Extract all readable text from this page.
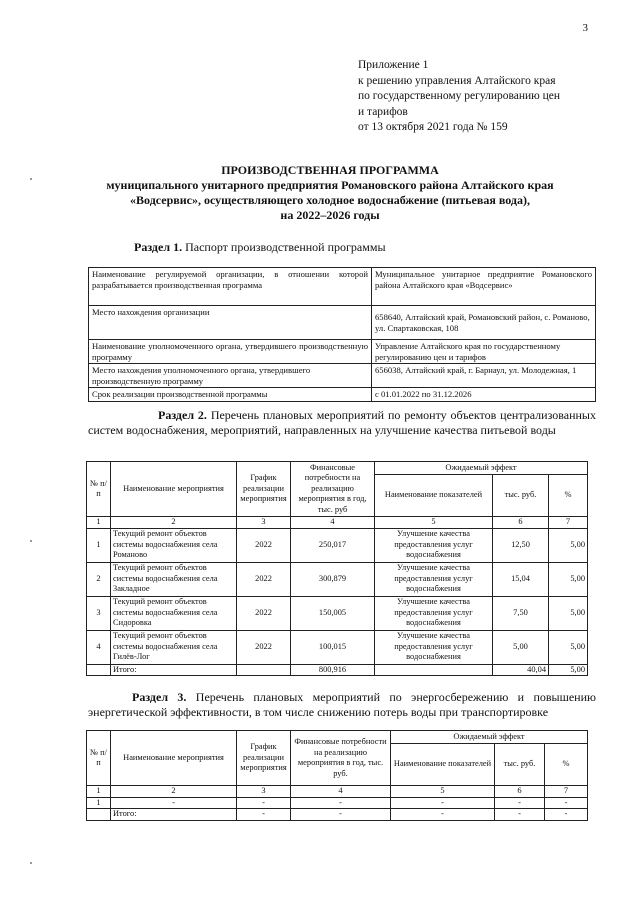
3
Приложение 1
к решению управления Алтайского края
по государственному регулированию цен
и тарифов
от 13 октября 2021 года № 159
ПРОИЗВОДСТВЕННАЯ ПРОГРАММА
муниципального унитарного предприятия Романовского района Алтайского края
«Водсервис», осуществляющего холодное водоснабжение (питьевая вода),
на 2022–2026 годы
Раздел 1. Паспорт производственной программы
Наименование регулируемой организации, в отношении которой разрабатывается производственная программа	Муниципальное унитарное предприятие Романовского района Алтайского края «Водсервис»
Место нахождения организации	658640, Алтайский край, Романовский район, с. Романово, ул. Спартаковская, 108
Наименование уполномоченного органа, утвердившего производственную программу	Управление Алтайского края по государственному регулированию цен и тарифов
Место нахождения уполномоченного органа, утвердившего производственную программу	656038, Алтайский край, г. Барнаул, ул. Молодежная, 1
Срок реализации производственной программы	с 01.01.2022 по 31.12.2026
Раздел 2. Перечень плановых мероприятий по ремонту объектов централизованных систем водоснабжения, мероприятий, направленных на улучшение качества питьевой воды
№ п/п	Наименование мероприятия	График реализации мероприятия	Финансовые потребности на реализацию мероприятия в год, тыс. руб	Ожидаемый эффект		
				Наименование показателей	тыс. руб.	%
1	2	3	4	5	6	7
1	Текущий ремонт объектов системы водоснабжения села Романово	2022	250,017	Улучшение качества предоставления услуг водоснабжения	12,50	5,00
2	Текущий ремонт объектов системы водоснабжения села Закладное	2022	300,879	Улучшение качества предоставления услуг водоснабжения	15,04	5,00
3	Текущий ремонт объектов системы водоснабжения села Сидоровка	2022	150,005	Улучшение качества предоставления услуг водоснабжения	7,50	5,00
4	Текущий ремонт объектов системы водоснабжения села Гилёв-Лог	2022	100,015	Улучшение качества предоставления услуг водоснабжения	5,00	5,00
	Итого:		800,916		40,04	5,00
Раздел 3. Перечень плановых мероприятий по энергосбережению и повышению энергетической эффективности, в том числе снижению потерь воды при транспортировке
№ п/п	Наименование мероприятия	График реализации мероприятия	Финансовые потребности на реализацию мероприятия в год, тыс. руб.	Ожидаемый эффект		
				Наименование показателей	тыс. руб.	%
1	2	3	4	5	6	7
1	-	-	-	-	-	-
	Итого:	-	-	-	-	-
